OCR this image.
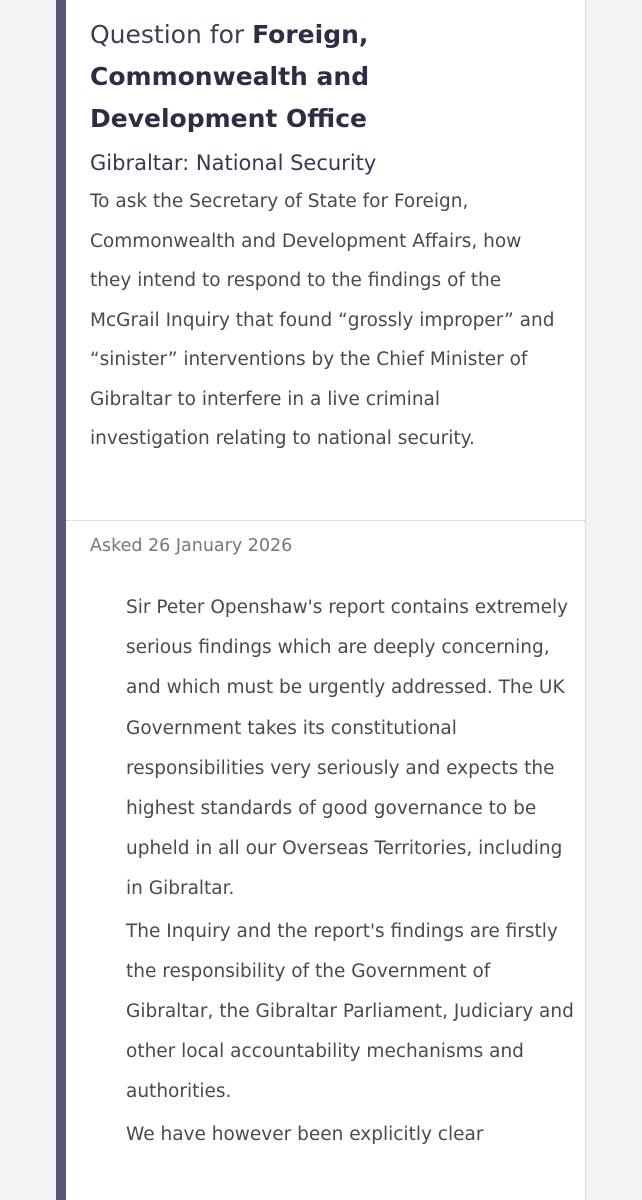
Question for Foreign, Commonwealth and Development Office
Gibraltar: National Security

To ask the Secretary of State for Foreign, Commonwealth and Development Affairs, how they intend to respond to the findings of the McGrail Inquiry that found “grossly improper” and “sinister” interventions by the Chief Minister of Gibraltar to interfere in a live criminal investigation relating to national security.

Asked 26 January 2026

Sir Peter Openshaw's report contains extremely serious findings which are deeply concerning, and which must be urgently addressed. The UK Government takes its constitutional responsibilities very seriously and expects the highest standards of good governance to be upheld in all our Overseas Territories, including in Gibraltar.

The Inquiry and the report's findings are firstly the responsibility of the Government of Gibraltar, the Gibraltar Parliament, Judiciary and other local accountability mechanisms and authorities.

We have however been explicitly clear
